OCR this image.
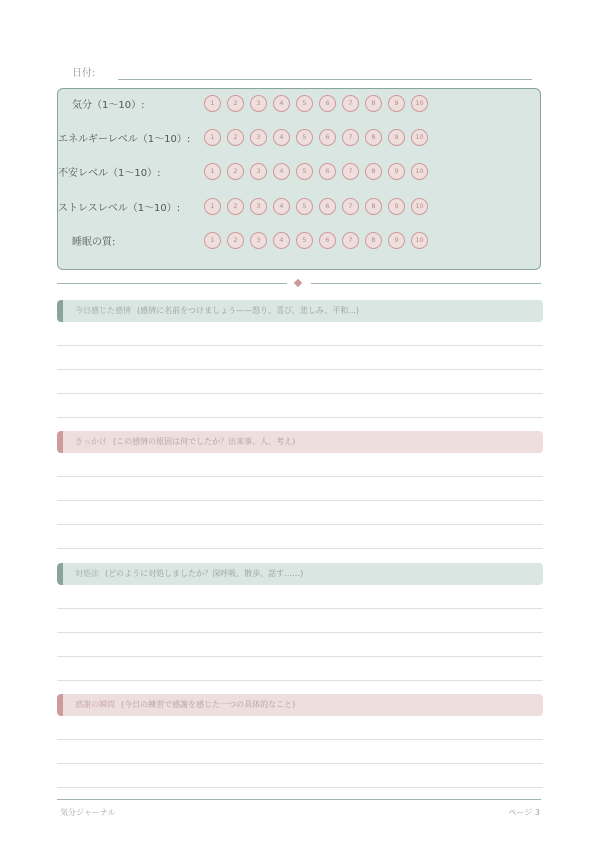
日付:
気分（1〜10）:	1	2	3	4	5	6	7	8	9	10
エネルギーレベル（1〜10）:	1	2	3	4	5	6	7	8	9	10
不安レベル（1〜10）:	1	2	3	4	5	6	7	8	9	10
ストレスレベル（1〜10）:	1	2	3	4	5	6	7	8	9	10
睡眠の質:	1	2	3	4	5	6	7	8	9	10
今日感じた感情 (感情に名前をつけましょう——怒り、喜び、悲しみ、平和...)
きっかけ (この感情の原因は何でしたか？出来事、人、考え)
対処法 (どのように対処しましたか？深呼吸、散歩、話す……)
感謝の瞬間 (今日の練習で感謝を感じた一つの具体的なこと)
気分ジャーナル	ページ 3
